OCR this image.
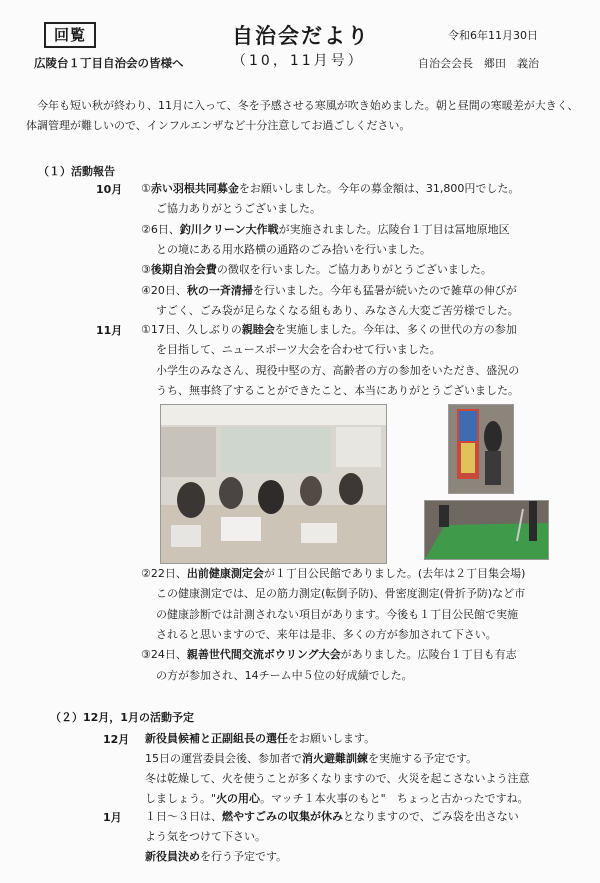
回覧	自治会だより
（10，11月号）
令和6年11月30日
広陵台１丁目自治会の皆様へ	自治会会長　郷田　義治
今年も短い秋が終わり、11月に入って、冬を予感させる寒風が吹き始めました。朝と昼間の寒暖差が大きく、体調管理が難しいので、インフルエンザなど十分注意してお過ごしください。
（１）活動報告
10月
11月
①赤い羽根共同募金をお願いしました。今年の募金額は、31,800円でした。
ご協力ありがとうございました。
②6日、釣川クリーン大作戦が実施されました。広陵台１丁目は冨地原地区
との境にある用水路横の通路のごみ拾いを行いました。
③後期自治会費の徴収を行いました。ご協力ありがとうございました。
④20日、秋の一斉清掃を行いました。今年も猛暑が続いたので雑草の伸びが
すごく、ごみ袋が足らなくなる組もあり、みなさん大変ご苦労様でした。
①17日、久しぶりの親睦会を実施しました。今年は、多くの世代の方の参加
を目指して、ニュースポーツ大会を合わせて行いました。
小学生のみなさん、現役中堅の方、高齢者の方の参加をいただき、盛況の
うち、無事終了することができたこと、本当にありがとうございました。
②22日、出前健康測定会が１丁目公民館でありました。(去年は２丁目集会場)
この健康測定では、足の筋力測定(転倒予防)、骨密度測定(骨折予防)など市
の健康診断では計測されない項目があります。今後も１丁目公民館で実施
されると思いますので、来年は是非、多くの方が参加されて下さい。
③24日、親善世代間交流ボウリング大会がありました。広陵台１丁目も有志
の方が参加され、14チーム中５位の好成績でした。
（２）12月，1月の活動予定
12月
1月
新役員候補と正副組長の選任をお願いします。
15日の運営委員会後、参加者で消火避難訓練を実施する予定です。
冬は乾燥して、火を使うことが多くなりますので、火災を起こさないよう注意
しましょう。"火の用心。マッチ１本火事のもと"　ちょっと古かったですね。
１日～３日は、燃やすごみの収集が休みとなりますので、ごみ袋を出さない
よう気をつけて下さい。
新役員決めを行う予定です。
